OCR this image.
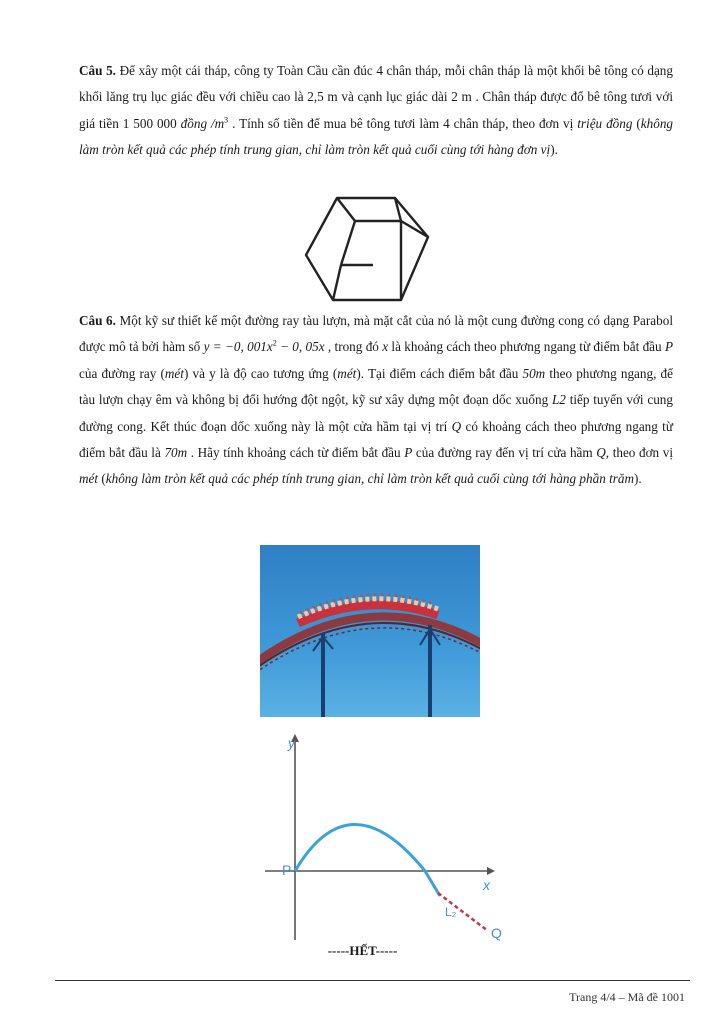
Câu 5. Để xây một cái tháp, công ty Toàn Cầu cần đúc 4 chân tháp, mỗi chân tháp là một khối bê tông có dạng khối lăng trụ lục giác đều với chiều cao là 2,5 m và cạnh lục giác dài 2 m . Chân tháp được đổ bê tông tươi với giá tiền 1 500 000 đồng $/m^3$ . Tính số tiền để mua bê tông tươi làm 4 chân tháp, theo đơn vị triệu đồng (không làm tròn kết quả các phép tính trung gian, chỉ làm tròn kết quả cuối cùng tới hàng đơn vị).

Câu 6. Một kỹ sư thiết kế một đường ray tàu lượn, mà mặt cắt của nó là một cung đường cong có dạng Parabol được mô tả bởi hàm số y = −0, $001x^2 - 0$, 05x , trong đó x là khoảng cách theo phương ngang từ điểm bắt đầu P của đường ray (mét) và y là độ cao tương ứng (mét). Tại điểm cách điểm bắt đầu 50m theo phương ngang, để tàu lượn chạy êm và không bị đổi hướng đột ngột, kỹ sư xây dựng một đoạn dốc xuống L2 tiếp tuyến với cung đường cong. Kết thúc đoạn dốc xuống này là một cửa hầm tại vị trí Q có khoảng cách theo phương ngang từ điểm bắt đầu là 70m . Hãy tính khoảng cách từ điểm bắt đầu P của đường ray đến vị trí cửa hầm Q, theo đơn vị mét (không làm tròn kết quả các phép tính trung gian, chỉ làm tròn kết quả cuối cùng tới hàng phần trăm).

y
x
P
L₂
Q
-----HẾT-----
Trang 4/4 – Mã đề 1001
